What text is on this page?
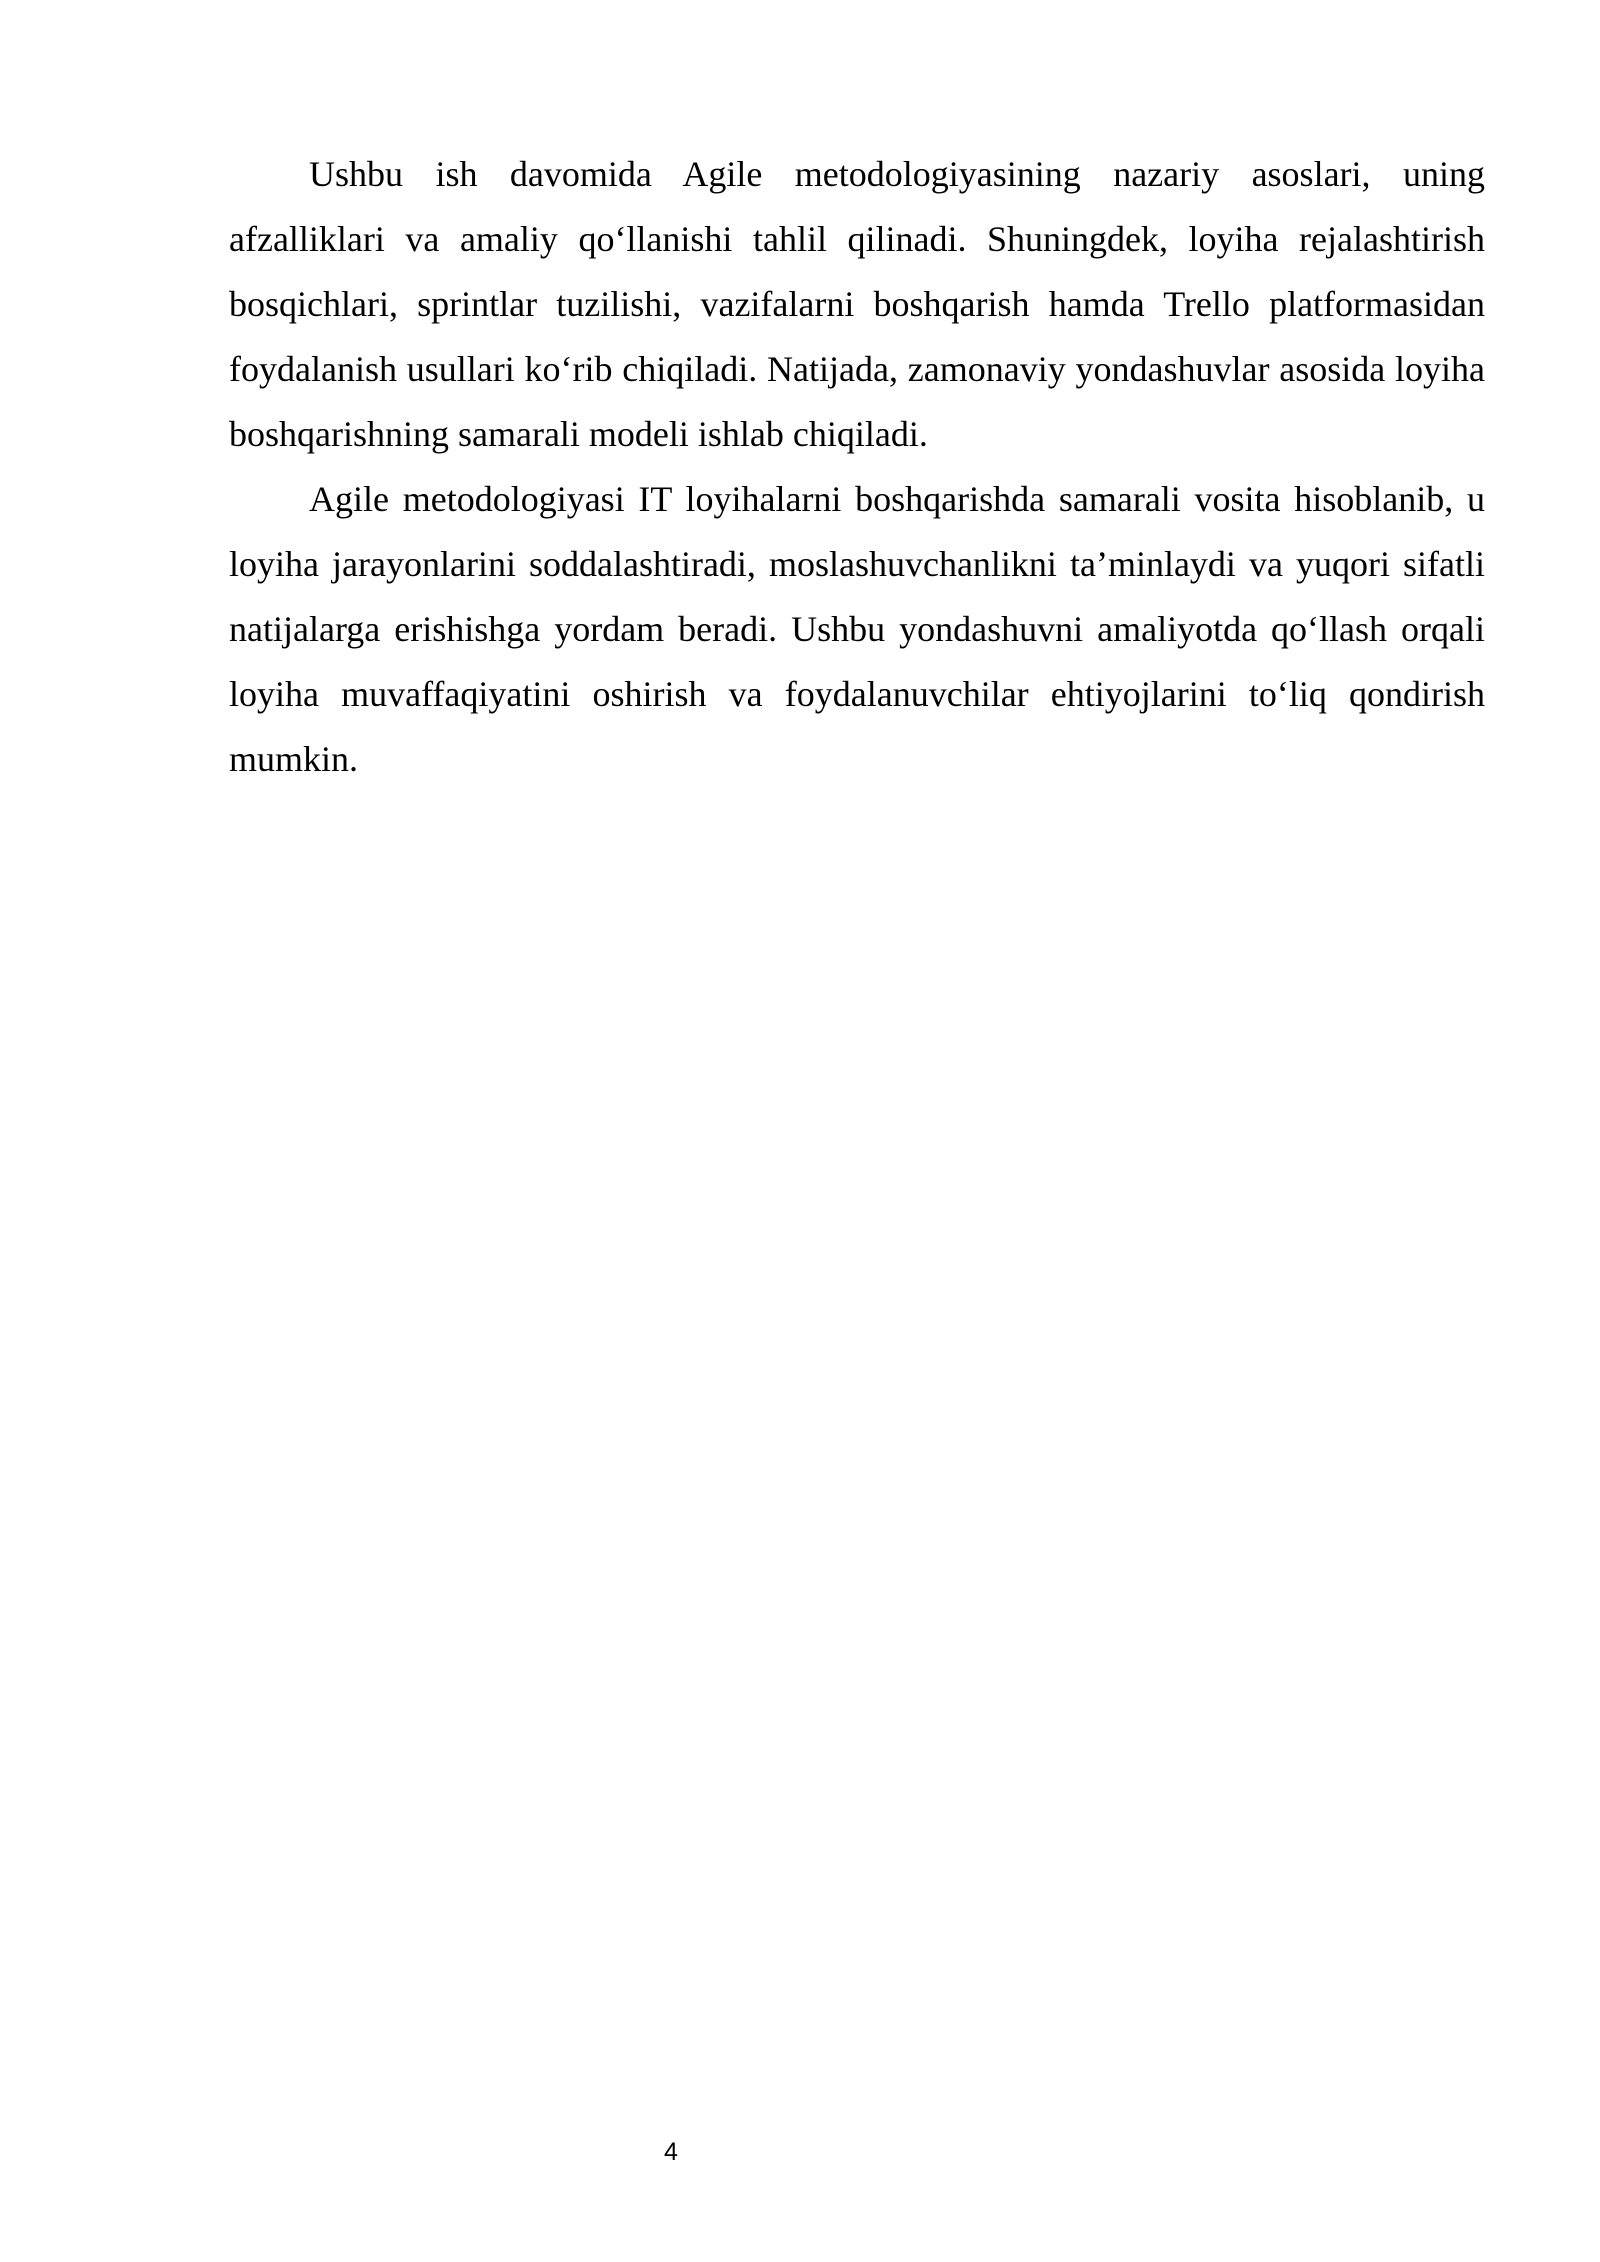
Ushbu ish davomida Agile metodologiyasining nazariy asoslari, uning afzalliklari va amaliy qo‘llanishi tahlil qilinadi. Shuningdek, loyiha rejalashtirish bosqichlari, sprintlar tuzilishi, vazifalarni boshqarish hamda Trello platformasidan foydalanish usullari ko‘rib chiqiladi. Natijada, zamonaviy yondashuvlar asosida loyiha boshqarishning samarali modeli ishlab chiqiladi.

Agile metodologiyasi IT loyihalarni boshqarishda samarali vosita hisoblanib, u loyiha jarayonlarini soddalashtiradi, moslashuvchanlikni ta’minlaydi va yuqori sifatli natijalarga erishishga yordam beradi. Ushbu yondashuvni amaliyotda qo‘llash orqali loyiha muvaffaqiyatini oshirish va foydalanuvchilar ehtiyojlarini to‘liq qondirish mumkin.

4
